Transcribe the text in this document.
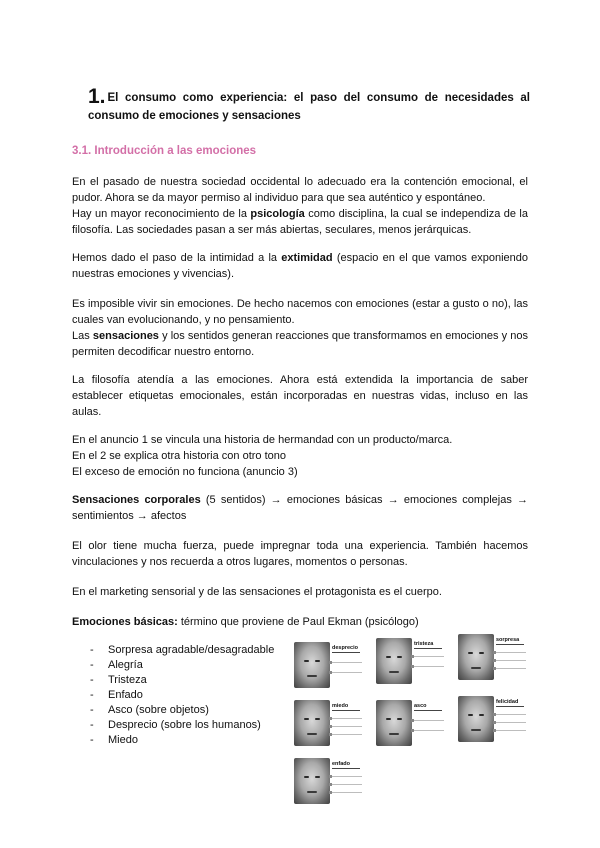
1. El consumo como experiencia: el paso del consumo de necesidades al consumo de emociones y sensaciones
3.1. Introducción a las emociones

En el pasado de nuestra sociedad occidental lo adecuado era la contención emocional, el pudor. Ahora se da mayor permiso al individuo para que sea auténtico y espontáneo.

Hay un mayor reconocimiento de la psicología como disciplina, la cual se independiza de la filosofía. Las sociedades pasan a ser más abiertas, seculares, menos jerárquicas.

Hemos dado el paso de la intimidad a la extimidad (espacio en el que vamos exponiendo nuestras emociones y vivencias).

Es imposible vivir sin emociones. De hecho nacemos con emociones (estar a gusto o no), las cuales van evolucionando, y no pensamiento.

Las sensaciones y los sentidos generan reacciones que transformamos en emociones y nos permiten decodificar nuestro entorno.

La filosofía atendía a las emociones. Ahora está extendida la importancia de saber establecer etiquetas emocionales, están incorporadas en nuestras vidas, incluso en las aulas.

En el anuncio 1 se vincula una historia de hermandad con un producto/marca.

En el 2 se explica otra historia con otro tono

El exceso de emoción no funciona (anuncio 3)

Sensaciones corporales (5 sentidos) → emociones básicas → emociones complejas → sentimientos → afectos

El olor tiene mucha fuerza, puede impregnar toda una experiencia. También hacemos vinculaciones y nos recuerda a otros lugares, momentos o personas.

En el marketing sensorial y de las sensaciones el protagonista es el cuerpo.

Emociones básicas: término que proviene de Paul Ekman (psicólogo)

- Sorpresa agradable/desagradable
- Alegría
- Tristeza
- Enfado
- Asco (sobre objetos)
- Desprecio (sobre los humanos)
- Miedo
desprecio
tristeza
sorpresa
miedo	asco
felicidad
enfado
